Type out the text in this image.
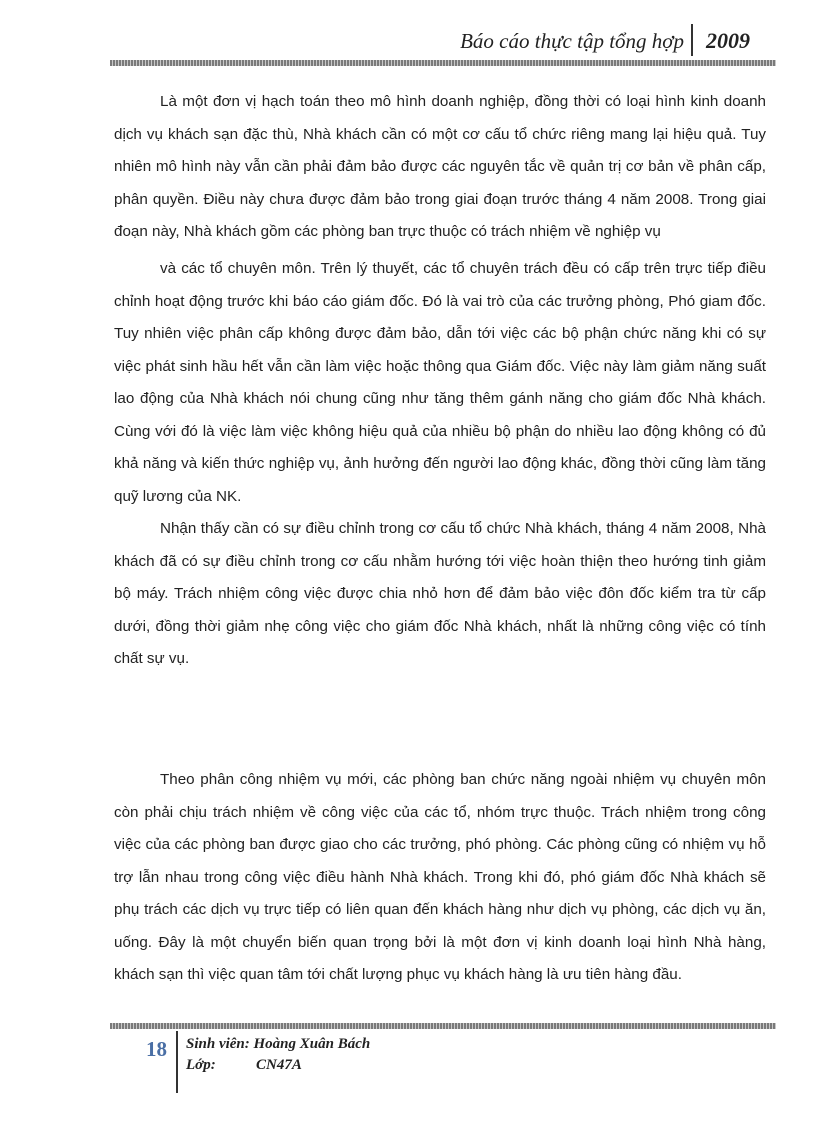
Báo cáo thực tập tổng hợp 2009

Là một đơn vị hạch toán theo mô hình doanh nghiệp, đồng thời có loại hình kinh doanh dịch vụ khách sạn đặc thù, Nhà khách cần có một cơ cấu tổ chức riêng mang lại hiệu quả. Tuy nhiên mô hình này vẫn cần phải đảm bảo được các nguyên tắc về quản trị cơ bản về phân cấp, phân quyền. Điều này chưa được đảm bảo trong giai đoạn trước tháng 4 năm 2008. Trong giai đoạn này, Nhà khách gồm các phòng ban trực thuộc có trách nhiệm về nghiệp vụ

và các tổ chuyên môn. Trên lý thuyết, các tổ chuyên trách đều có cấp trên trực tiếp điều chỉnh hoạt động trước khi báo cáo giám đốc. Đó là vai trò của các trưởng phòng, Phó giam đốc. Tuy nhiên việc phân cấp không được đảm bảo, dẫn tới việc các bộ phận chức năng khi có sự việc phát sinh hầu hết vẫn cần làm việc hoặc thông qua Giám đốc. Việc này làm giảm năng suất lao động của Nhà khách nói chung cũng như tăng thêm gánh năng cho giám đốc Nhà khách. Cùng với đó là việc làm việc không hiệu quả của nhiều bộ phận do nhiều lao động không có đủ khả năng và kiến thức nghiệp vụ, ảnh hưởng đến người lao động khác, đồng thời cũng làm tăng quỹ lương của NK.

Nhận thấy cần có sự điều chỉnh trong cơ cấu tổ chức Nhà khách, tháng 4 năm 2008, Nhà khách đã có sự điều chỉnh trong cơ cấu nhằm hướng tới việc hoàn thiện theo hướng tinh giảm bộ máy. Trách nhiệm công việc được chia nhỏ hơn để đảm bảo việc đôn đốc kiểm tra từ cấp dưới, đồng thời giảm nhẹ công việc cho giám đốc Nhà khách, nhất là những công việc có tính chất sự vụ.

Theo phân công nhiệm vụ mới, các phòng ban chức năng ngoài nhiệm vụ chuyên môn còn phải chịu trách nhiệm về công việc của các tổ, nhóm trực thuộc. Trách nhiệm trong công việc của các phòng ban được giao cho các trưởng, phó phòng. Các phòng cũng có nhiệm vụ hỗ trợ lẫn nhau trong công việc điều hành Nhà khách. Trong khi đó, phó giám đốc Nhà khách sẽ phụ trách các dịch vụ trực tiếp có liên quan đến khách hàng như dịch vụ phòng, các dịch vụ ăn, uống. Đây là một chuyển biến quan trọng bởi là một đơn vị kinh doanh loại hình Nhà hàng, khách sạn thì việc quan tâm tới chất lượng phục vụ khách hàng là ưu tiên hàng đầu.

18 Sinh viên: Hoàng Xuân Bách
Lớp:	CN47A
